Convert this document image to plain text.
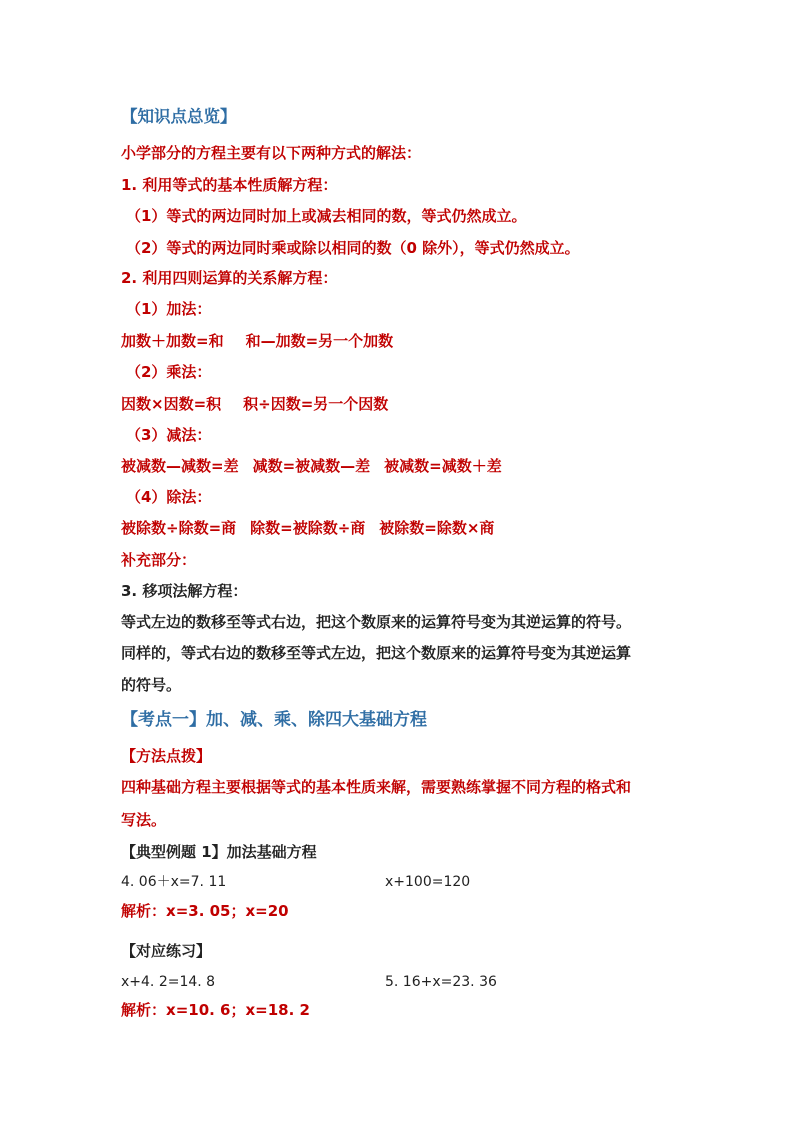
【知识点总览】
小学部分的方程主要有以下两种方式的解法：
1. 利用等式的基本性质解方程：
（1）等式的两边同时加上或减去相同的数，等式仍然成立。
（2）等式的两边同时乘或除以相同的数（0 除外），等式仍然成立。
2. 利用四则运算的关系解方程：
（1）加法：
加数＋加数=和 和—加数=另一个加数
（2）乘法：
因数×因数=积 积÷因数=另一个因数
（3）减法：
被减数—减数=差 减数=被减数—差 被减数=减数＋差
（4）除法：
被除数÷除数=商 除数=被除数÷商 被除数=除数×商
补充部分：
3. 移项法解方程：
等式左边的数移至等式右边，把这个数原来的运算符号变为其逆运算的符号。
同样的，等式右边的数移至等式左边，把这个数原来的运算符号变为其逆运算
的符号。
【考点一】加、减、乘、除四大基础方程
【方法点拨】
四种基础方程主要根据等式的基本性质来解，需要熟练掌握不同方程的格式和
写法。
【典型例题 1】加法基础方程
4. 06＋x=7. 11	x+100=120
解析：x=3. 05；x=20
【对应练习】
x+4. 2=14. 8	5. 16+x=23. 36
解析：x=10. 6；x=18. 2
